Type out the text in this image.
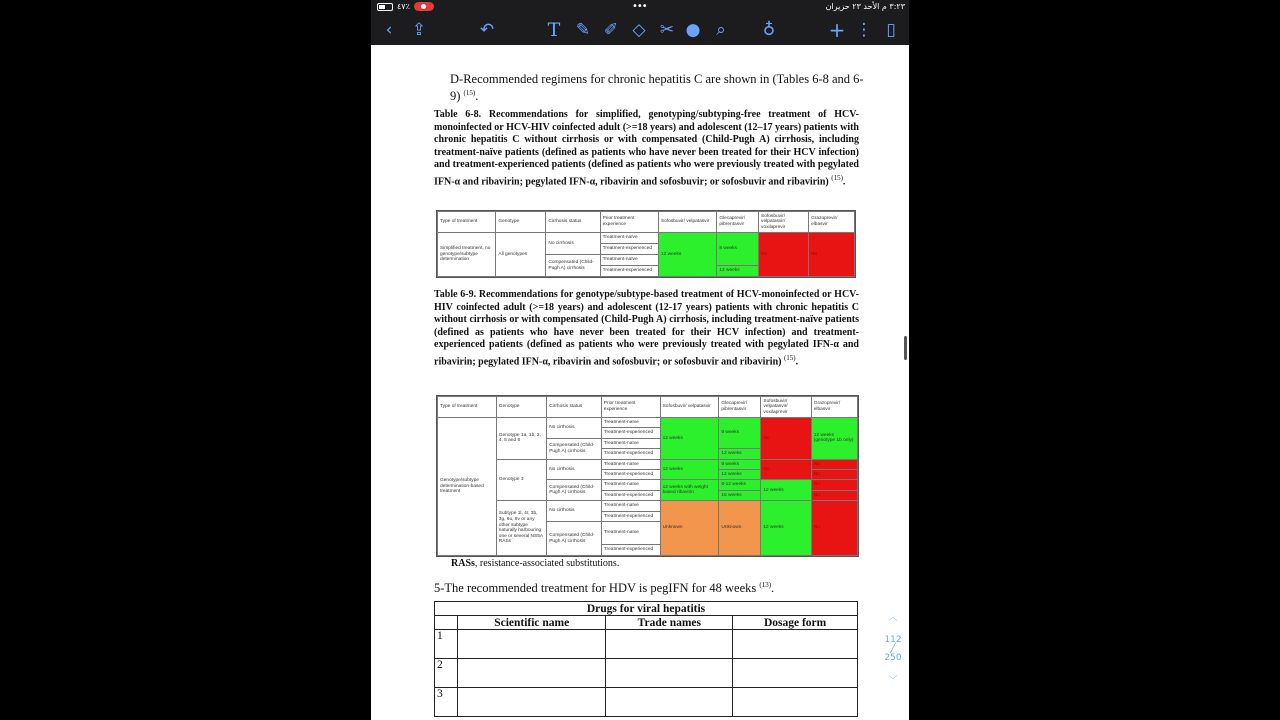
٤٧٪	•••	٣:٢٣ م الأحد ٢٣ حزيران
‹	⇪	↶	T ✎ ✐ ◇ ✂ ● ⌕	♁	+ ⋮ ▯
D-Recommended regimens for chronic hepatitis C are shown in (Tables 6-8 and 6-9) $^{(15)}$.
Table 6-8. Recommendations for simplified, genotyping/subtyping-free treatment of HCV-monoinfected or HCV-HIV coinfected adult (>=18 years) and adolescent (12–17 years) patients with chronic hepatitis C without cirrhosis or with compensated (Child-Pugh A) cirrhosis, including treatment-naïve patients (defined as patients who have never been treated for their HCV infection) and treatment-experienced patients (defined as patients who were previously treated with pegylated IFN-α and ribavirin; pegylated IFN-α, ribavirin and sofosbuvir; or sofosbuvir and ribavirin) $^{(15)}$.
Type of treatment	Genotype	Cirrhosis status	Prior treatment experience	Sofosbuvir/ velpatasvir	Glecaprevir/ pibrentasvir	Sofosbuvir/ velpatasvir/ voxilaprevir	Grazoprevir/ elbasvir
Simplified treatment, no genotype/subtype determination	All genotypes	No cirrhosis	Treatment-naïve	12 weeks	8 weeks	No	No
			Treatment-experienced				
		Compensated (Child-Pugh A) cirrhosis	Treatment-naïve				
			Treatment-experienced		12 weeks		
Table 6-9. Recommendations for genotype/subtype-based treatment of HCV-monoinfected or HCV-HIV coinfected adult (>=18 years) and adolescent (12-17 years) patients with chronic hepatitis C without cirrhosis or with compensated (Child-Pugh A) cirrhosis, including treatment-naïve patients (defined as patients who have never been treated for their HCV infection) and treatment-experienced patients (defined as patients who were previously treated with pegylated IFN-α and ribavirin; pegylated IFN-α, ribavirin and sofosbuvir; or sofosbuvir and ribavirin) $^{(15)}$.
Type of treatment	Genotype	Cirrhosis status	Prior treatment experience	Sofosbuvir/ velpatasvir	Glecaprevir/ pibrentasvir	Sofosbuvir/ velpatasvir/ voxilaprevir	Grazoprevir/ elbasvir
Genotype/subtype determination-based treatment	Genotype 1a, 1b, 2, 4, 5 and 6	No cirrhosis	Treatment-naïve	12 weeks	8 weeks	No	12 weeks (genotype 1b only)
			Treatment-experienced				
		Compensated (Child-Pugh A) cirrhosis	Treatment-naïve				
			Treatment-experienced		12 weeks		
	Genotype 3	No cirrhosis	Treatment-naïve	12 weeks	8 weeks	No	No
			Treatment-experienced		12 weeks		No
		Compensated (Child-Pugh A) cirrhosis	Treatment-naïve	12 weeks with weight based ribavirin	8-12 weeks	12 weeks	No
			Treatment-experienced		16 weeks		No
	Subtype 1l, 4r, 3b, 3g, 6u, 6v or any other subtype naturally harbouring one or several NS5A RASs	No cirrhosis	Treatment-naïve	Unknown	Unknown	12 weeks	No
			Treatment-experienced				
		Compensated (Child-Pugh A) cirrhosis	Treatment-naïve				
			Treatment-experienced				
RASs, resistance-associated substitutions.
5-The recommended treatment for HDV is pegIFN for 48 weeks $^{(13)}$.
Drugs for viral hepatitis			
	Scientific name	Trade names	Dosage form
1			
2			
3			
︿
112
╱
250
﹀
